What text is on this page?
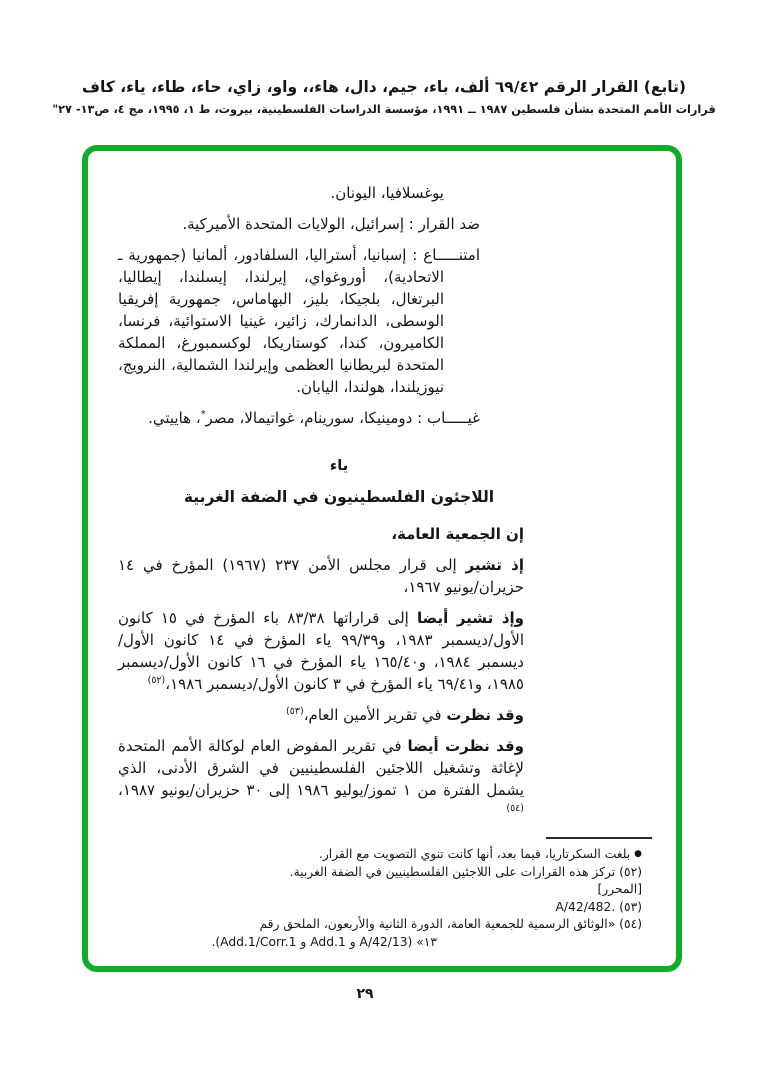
(تابع) القرار الرقم ٦٩/٤٢ ألف، باء، جيم، دال، هاء،، واو، زاي، حاء، طاء، ياء، كاف
قرارات الأمم المتحدة بشأن فلسطين ١٩٨٧ ــ ١٩٩١، مؤسسة الدراسات الفلسطينية، بيروت، ط ١، ١٩٩٥، مج ٤، ص١٣- ٢٧"
يوغسلافيا، اليونان.
ضد القرار : إسرائيل، الولايات المتحدة الأميركية.
امتنـــــاع : إسبانيا، أستراليا، السلفادور، ألمانيا (جمهورية ـ الاتحادية)، أوروغواي، إيرلندا، إيسلندا، إيطاليا، البرتغال، بلجيكا، بليز، البهاماس، جمهورية إفريقيا الوسطى، الدانمارك، زائير، غينيا الاستوائية، فرنسا، الكاميرون، كندا، كوستاريكا، لوكسمبورغ، المملكة المتحدة لبريطانيا العظمى وإيرلندا الشمالية، النرويج، نيوزيلندا، هولندا، اليابان.
غيـــــاب : دومينيكا، سورينام، غواتيمالا، مصر*، هاييتي.
ياء
اللاجئون الفلسطينيون في الضفة الغربية
إن الجمعية العامة،
إذ تشير إلى قرار مجلس الأمن ٢٣٧ (١٩٦٧) المؤرخ في ١٤ حزيران/يونيو ١٩٦٧،
وإذ تشير أيضا إلى قراراتها ٨٣/٣٨ باء المؤرخ في ١٥ كانون الأول/ديسمبر ١٩٨٣، و٩٩/٣٩ ياء المؤرخ في ١٤ كانون الأول/ديسمبر ١٩٨٤، و١٦٥/٤٠ ياء المؤرخ في ١٦ كانون الأول/ديسمبر ١٩٨٥، و٦٩/٤١ ياء المؤرخ في ٣ كانون الأول/ديسمبر ١٩٨٦،$^{(٥٢)}$
وقد نظرت في تقرير الأمين العام،$^{(٥٣)}$
وقد نظرت أيضا في تقرير المفوض العام لوكالة الأمم المتحدة لإغاثة وتشغيل اللاجئين الفلسطينيين في الشرق الأدنى، الذي يشمل الفترة من ١ تموز/يوليو ١٩٨٦ إلى ٣٠ حزيران/يونيو ١٩٨٧،$^{(٥٤)}$
● بلغت السكرتاريا، فيما بعد، أنها كانت تنوي التصويت مع القرار.
(٥٢) تركز هذه القرارات على اللاجئين الفلسطينيين في الضفة الغربية.
[المحرر]
(٥٣) A/42/482.
(٥٤) «الوثائق الرسمية للجمعية العامة، الدورة الثانية والأربعون، الملحق رقم
١٣» (A/42/13 و Add.1 و Add.1/Corr.1).
٢٩
